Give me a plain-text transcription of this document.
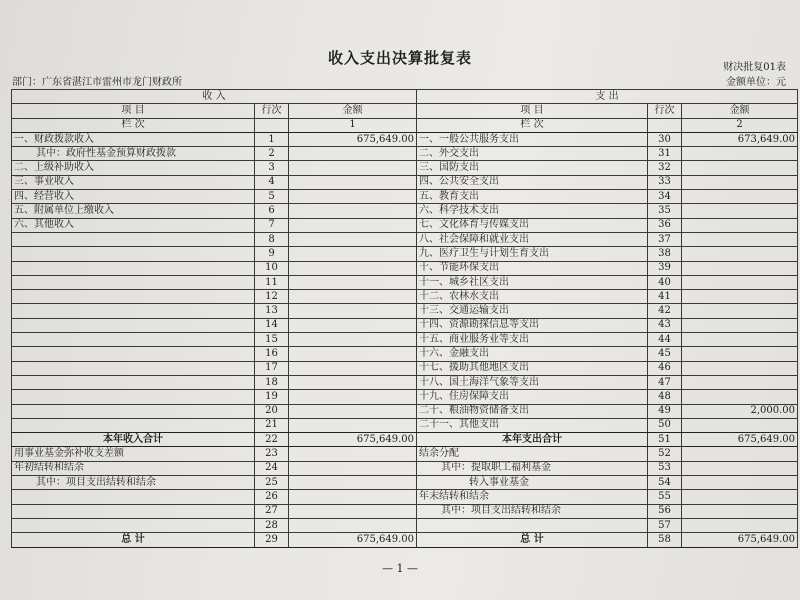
收入支出决算批复表
财决批复01表
部门：广东省湛江市雷州市龙门财政所	金额单位：元
收 入			支 出		
项 目	行次	金额	项 目	行次	金额
栏 次		1	栏 次		2
一、财政拨款收入	1	675,649.00	一、一般公共服务支出	30	673,649.00
其中：政府性基金预算财政拨款	2		二、外交支出	31	
二、上级补助收入	3		三、国防支出	32	
三、事业收入	4		四、公共安全支出	33	
四、经营收入	5		五、教育支出	34	
五、附属单位上缴收入	6		六、科学技术支出	35	
六、其他收入	7		七、文化体育与传媒支出	36	
	8		八、社会保障和就业支出	37	
	9		九、医疗卫生与计划生育支出	38	
	10		十、节能环保支出	39	
	11		十一、城乡社区支出	40	
	12		十二、农林水支出	41	
	13		十三、交通运输支出	42	
	14		十四、资源勘探信息等支出	43	
	15		十五、商业服务业等支出	44	
	16		十六、金融支出	45	
	17		十七、援助其他地区支出	46	
	18		十八、国土海洋气象等支出	47	
	19		十九、住房保障支出	48	
	20		二十、粮油物资储备支出	49	2,000.00
	21		二十一、其他支出	50	
本年收入合计	22	675,649.00	本年支出合计	51	675,649.00
用事业基金弥补收支差额	23		结余分配	52	
年初结转和结余	24		其中：提取职工福利基金	53	
其中：项目支出结转和结余	25		转入事业基金	54	
	26		年末结转和结余	55	
	27		其中：项目支出结转和结余	56	
	28			57	
总 计	29	675,649.00	总 计	58	675,649.00
— 1 —
